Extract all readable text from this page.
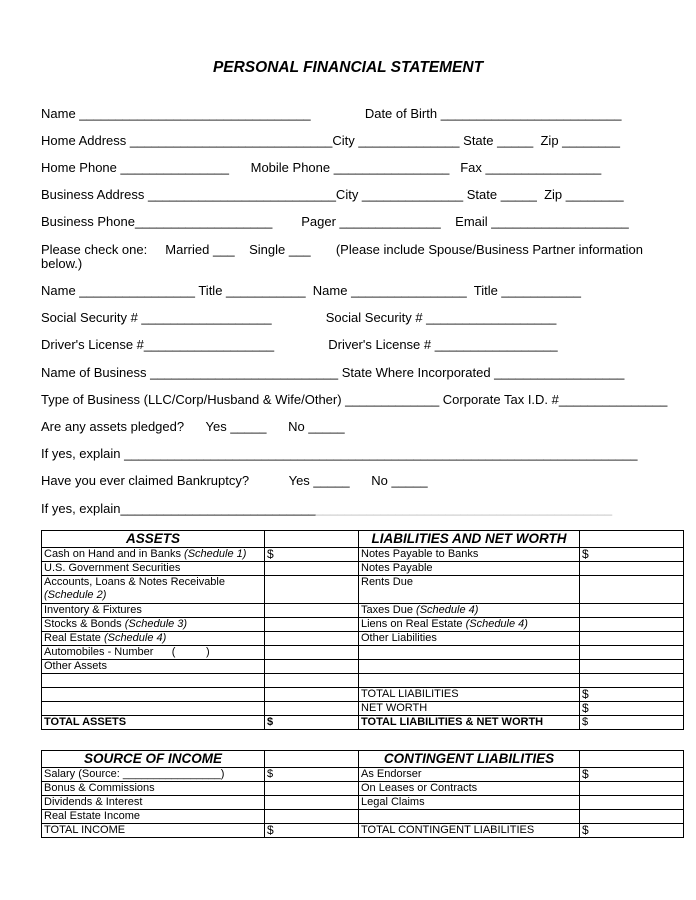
PERSONAL FINANCIAL STATEMENT
Name ________________________________               Date of Birth _________________________
Home Address ____________________________City ______________ State _____  Zip ________
Home Phone _______________      Mobile Phone ________________   Fax ________________
Business Address __________________________City ______________ State _____  Zip ________
Business Phone___________________        Pager ______________    Email ___________________
Please check one:     Married ___    Single ___       (Please include Spouse/Business Partner information
below.)
Name ________________ Title ___________  Name ________________  Title ___________
Social Security # __________________               Social Security # __________________
Driver's License #__________________               Driver's License # _________________
Name of Business __________________________ State Where Incorporated __________________
Type of Business (LLC/Corp/Husband & Wife/Other) _____________ Corporate Tax I.D. #_______________
Are any assets pledged?      Yes _____      No _____
If yes, explain _______________________________________________________________________
Have you ever claimed Bankruptcy?           Yes _____      No _____
If yes, explain____________________________________________________________________
ASSETS		LIABILITIES AND NET WORTH	
Cash on Hand and in Banks (Schedule 1)	$	Notes Payable to Banks	$
U.S. Government Securities		Notes Payable	
Accounts, Loans & Notes Receivable
(Schedule 2)		Rents Due	
Inventory & Fixtures		Taxes Due (Schedule 4)	
Stocks & Bonds (Schedule 3)		Liens on Real Estate (Schedule 4)	
Real Estate (Schedule 4)		Other Liabilities	
Automobiles - Number      (          )			
Other Assets			

		TOTAL LIABILITIES	$
		NET WORTH	$
TOTAL ASSETS	$	TOTAL LIABILITIES & NET WORTH	$
SOURCE OF INCOME		CONTINGENT LIABILITIES	
Salary (Source: ________________)	$	As Endorser	$
Bonus & Commissions		On Leases or Contracts	
Dividends & Interest		Legal Claims	
Real Estate Income			
TOTAL INCOME	$	TOTAL CONTINGENT LIABILITIES	$
